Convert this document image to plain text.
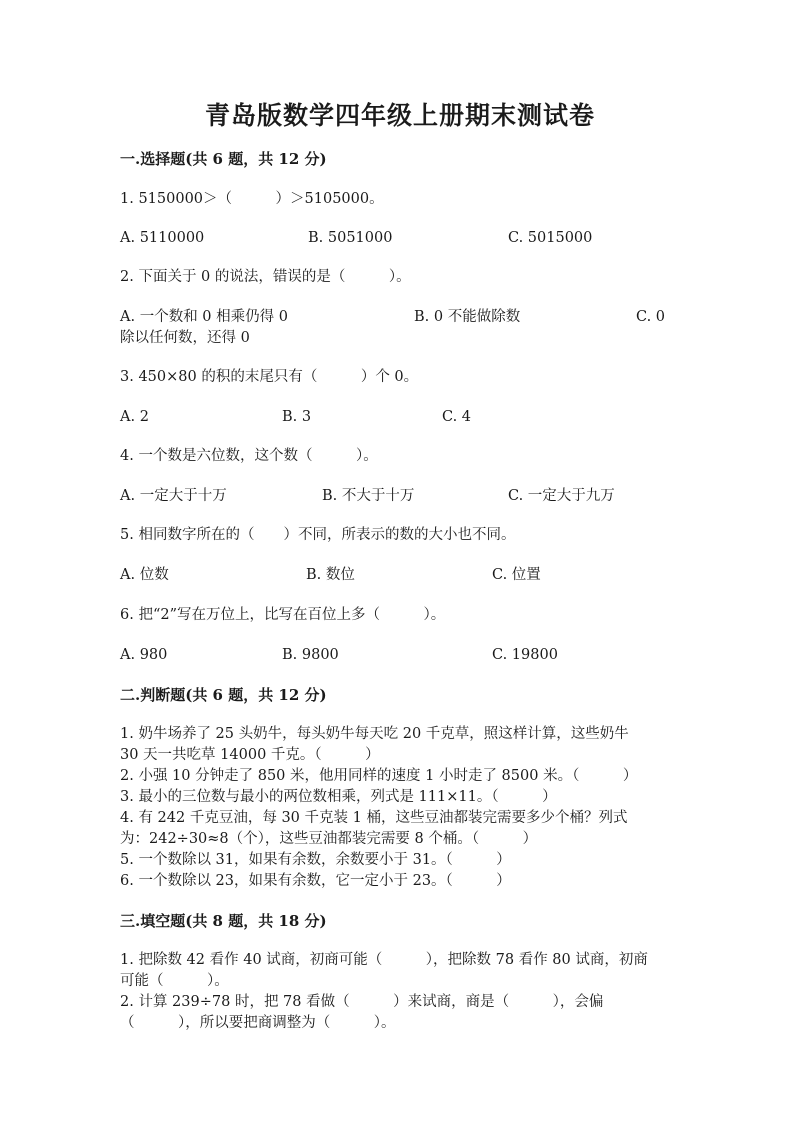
青岛版数学四年级上册期末测试卷
一.选择题(共 6 题，共 12 分)
1. 5150000＞（　　　）＞5105000。
A. 5110000	B. 5051000	C. 5015000
2. 下面关于 0 的说法，错误的是（　　　）。
A. 一个数和 0 相乘仍得 0	B. 0 不能做除数	C. 0
除以任何数，还得 0
3. 450×80 的积的末尾只有（　　　）个 0。
A. 2	B. 3	C. 4
4. 一个数是六位数，这个数（　　　）。
A. 一定大于十万	B. 不大于十万	C. 一定大于九万
5. 相同数字所在的（　　）不同，所表示的数的大小也不同。
A. 位数	B. 数位	C. 位置
6. 把“2”写在万位上，比写在百位上多（　　　）。
A. 980	B. 9800	C. 19800
二.判断题(共 6 题，共 12 分)
1. 奶牛场养了 25 头奶牛，每头奶牛每天吃 20 千克草，照这样计算，这些奶牛
30 天一共吃草 14000 千克。（　　　）
2. 小强 10 分钟走了 850 米，他用同样的速度 1 小时走了 8500 米。（　　　）
3. 最小的三位数与最小的两位数相乘，列式是 111×11。（　　　）
4. 有 242 千克豆油，每 30 千克装 1 桶，这些豆油都装完需要多少个桶？列式
为：242÷30≈8（个），这些豆油都装完需要 8 个桶。（　　　）
5. 一个数除以 31，如果有余数，余数要小于 31。（　　　）
6. 一个数除以 23，如果有余数，它一定小于 23。（　　　）
三.填空题(共 8 题，共 18 分)
1. 把除数 42 看作 40 试商，初商可能（　　　），把除数 78 看作 80 试商，初商
可能（　　　）。
2. 计算 239÷78 时，把 78 看做（　　　）来试商，商是（　　　），会偏
（　　　），所以要把商调整为（　　　）。
